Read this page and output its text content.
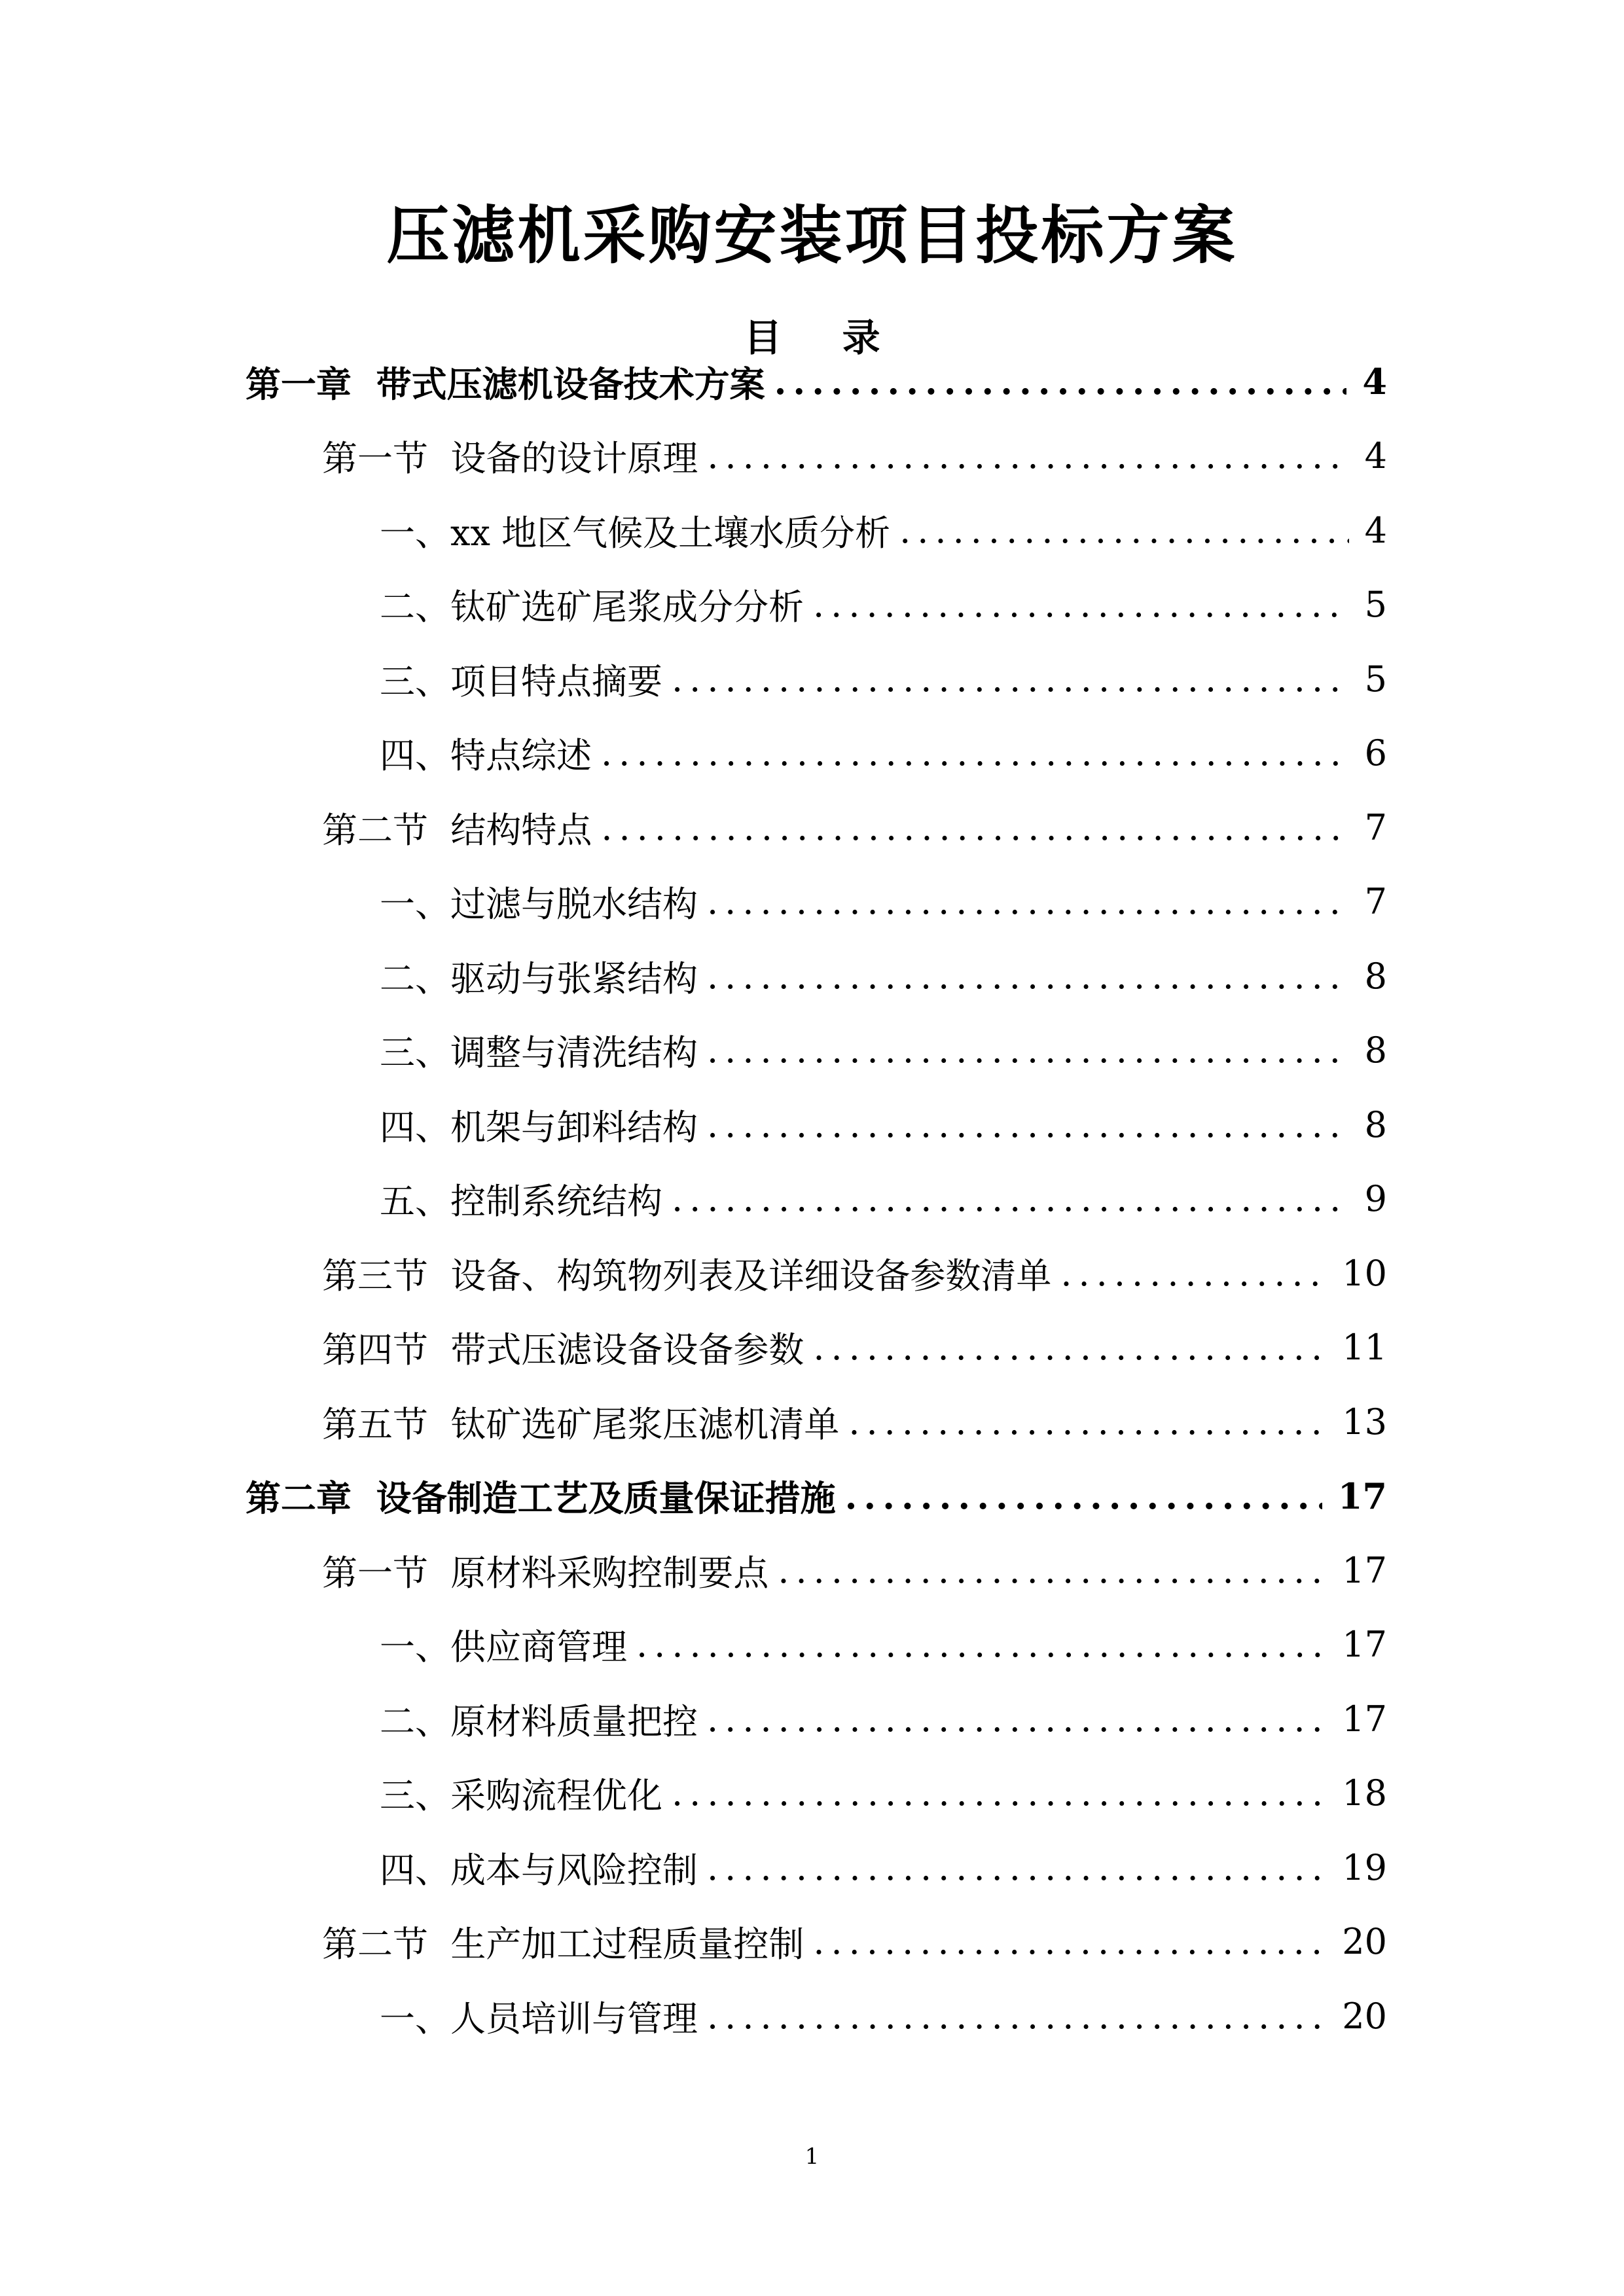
压滤机采购安装项目投标方案
目 录
第一章  带式压滤机设备技术方案 .....	4
第一节  设备的设计原理 .....	4
一、xx 地区气候及土壤水质分析 .....	4
二、钛矿选矿尾浆成分分析 .....	5
三、项目特点摘要 .....	5
四、特点综述 .....	6
第二节  结构特点 .....	7
一、过滤与脱水结构 .....	7
二、驱动与张紧结构 .....	8
三、调整与清洗结构 .....	8
四、机架与卸料结构 .....	8
五、控制系统结构 .....	9
第三节  设备、构筑物列表及详细设备参数清单 .....	10
第四节  带式压滤设备设备参数 .....	11
第五节  钛矿选矿尾浆压滤机清单 .....	13
第二章  设备制造工艺及质量保证措施 .....	17
第一节  原材料采购控制要点 .....	17
一、供应商管理 .....	17
二、原材料质量把控 .....	17
三、采购流程优化 .....	18
四、成本与风险控制 .....	19
第二节  生产加工过程质量控制 .....	20
一、人员培训与管理 .....	20
1
